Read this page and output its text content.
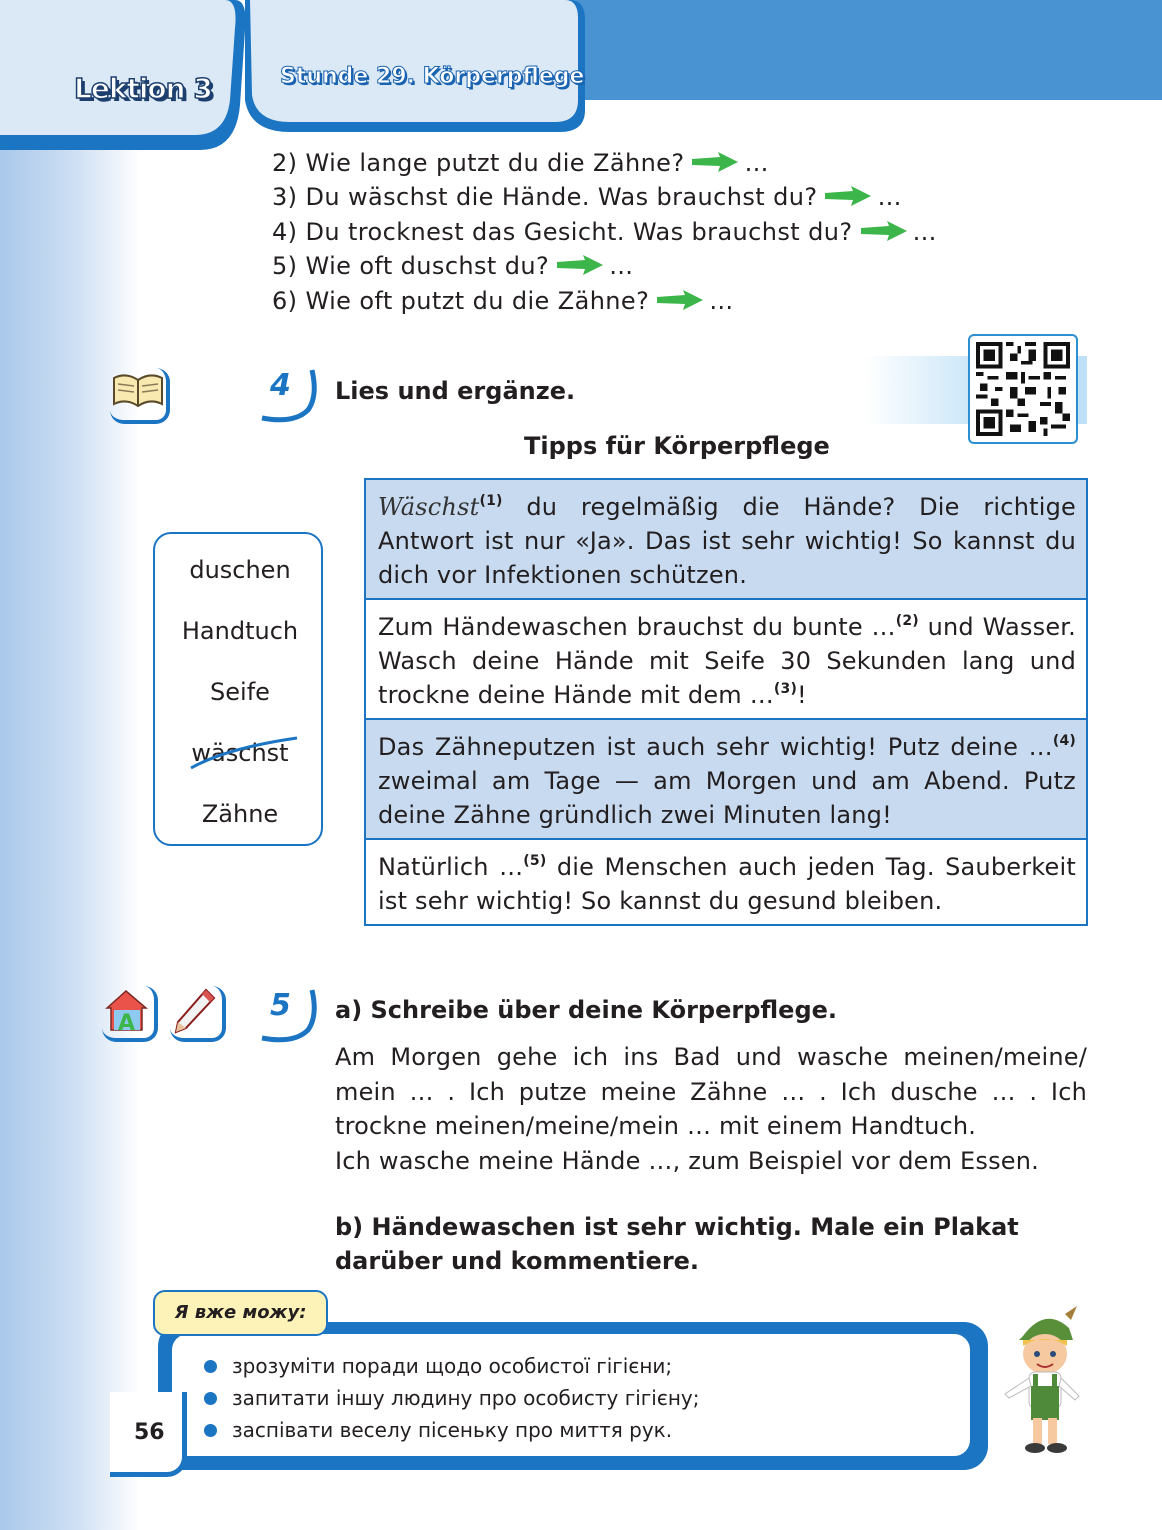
Lektion 3	Stunde 29. Körperpflege
2) Wie lange putzt du die Zähne?	…
3) Du wäschst die Hände. Was brauchst du?	…
4) Du trocknest das Gesicht. Was brauchst du?	…
5) Wie oft duschst du?	…
6) Wie oft putzt du die Zähne?	…
4 Lies und ergänze.
Tipps für Körperpflege
duschen
Handtuch
Seife
wäschst
Zähne
Wäschst$^{(1)}$ du regelmäßig die Hände? Die richtige Antwort ist nur «Ja». Das ist sehr wichtig! So kannst du dich vor Infektionen schützen.
Zum Händewaschen brauchst du bunte …$^{(2)}$ und Wasser. Wasch deine Hände mit Seife 30 Sekunden lang und trockne deine Hände mit dem …$^{(3)}$!
Das Zähneputzen ist auch sehr wichtig! Putz deine …$^{(4)}$ zweimal am Tage — am Morgen und am Abend. Putz deine Zähne gründlich zwei Minuten lang!
Natürlich …$^{(5)}$ die Menschen auch jeden Tag. Sauberkeit ist sehr wichtig! So kannst du gesund bleiben.
A
5 a) Schreibe über deine Körperpflege.

Am Morgen gehe ich ins Bad und wasche meinen/meine/ mein … . Ich putze meine Zähne … . Ich dusche … . Ich trockne meinen/meine/mein … mit einem Handtuch.

Ich wasche meine Hände …, zum Beispiel vor dem Essen.

b) Händewaschen ist sehr wichtig. Male ein Plakat darüber und kommentiere.
Я вже можу:
зрозуміти поради щодо особистої гігієни;
запитати іншу людину про особисту гігієну;
заспівати веселу пісеньку про миття рук.
56
